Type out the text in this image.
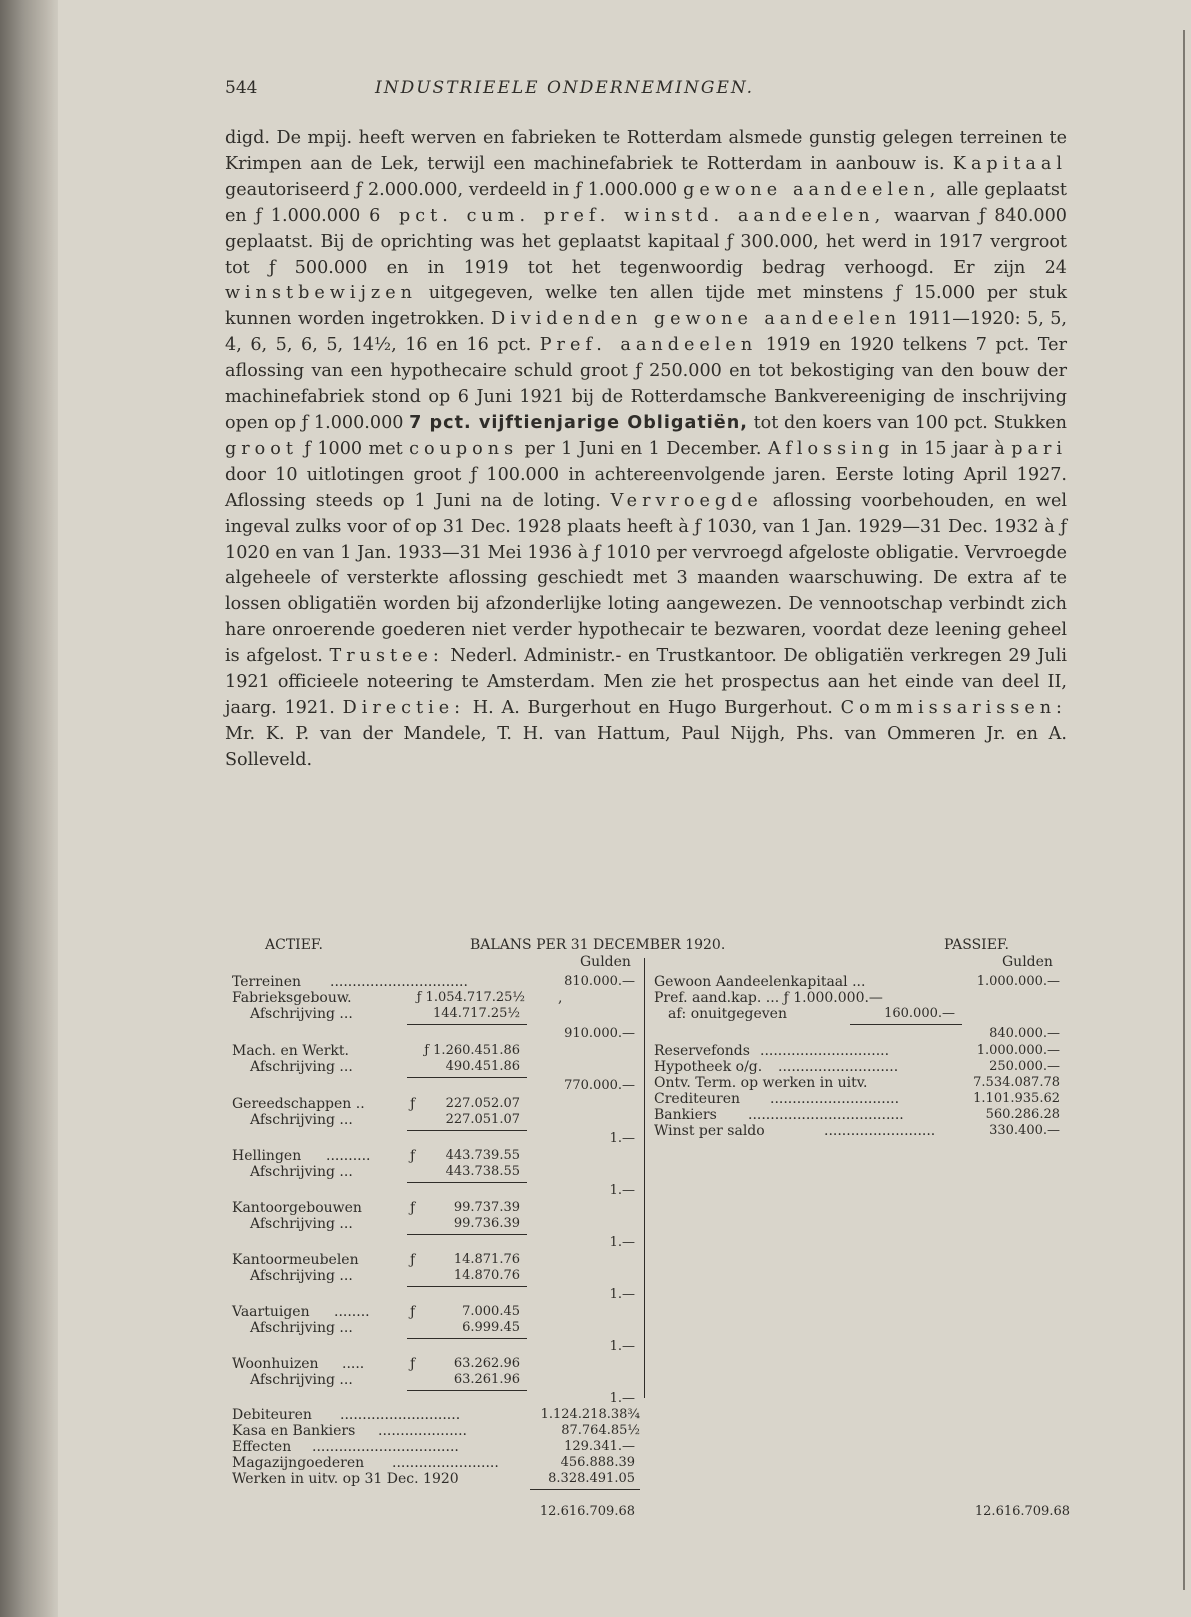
544	INDUSTRIEELE ONDERNEMINGEN.

digd. De mpij. heeft werven en fabrieken te Rotterdam alsmede gunstig gelegen terreinen te Krimpen aan de Lek, terwijl een machinefabriek te Rotterdam in aanbouw is. Kapitaal geautoriseerd ƒ 2.000.000, verdeeld in ƒ 1.000.000 gewone aandeelen, alle geplaatst en ƒ 1.000.000 6 pct. cum. pref. winstd. aandeelen, waarvan ƒ 840.000 geplaatst. Bij de oprichting was het geplaatst kapitaal ƒ 300.000, het werd in 1917 vergroot tot ƒ 500.000 en in 1919 tot het tegenwoordig bedrag verhoogd. Er zijn 24 winstbewijzen uitgegeven, welke ten allen tijde met minstens ƒ 15.000 per stuk kunnen worden ingetrokken. Dividenden gewone aandeelen 1911—1920: 5, 5, 4, 6, 5, 6, 5, 14½, 16 en 16 pct. Pref. aandeelen 1919 en 1920 telkens 7 pct. Ter aflossing van een hypothecaire schuld groot ƒ 250.000 en tot bekostiging van den bouw der machinefabriek stond op 6 Juni 1921 bij de Rotterdamsche Bankvereeniging de inschrijving open op ƒ 1.000.000 7 pct. vijftienjarige Obligatiën, tot den koers van 100 pct. Stukken groot ƒ 1000 met coupons per 1 Juni en 1 December. Aflossing in 15 jaar à pari door 10 uitlotingen groot ƒ 100.000 in achtereenvolgende jaren. Eerste loting April 1927. Aflossing steeds op 1 Juni na de loting. Vervroegde aflossing voorbehouden, en wel ingeval zulks voor of op 31 Dec. 1928 plaats heeft à ƒ 1030, van 1 Jan. 1929—31 Dec. 1932 à ƒ 1020 en van 1 Jan. 1933—31 Mei 1936 à ƒ 1010 per vervroegd afgeloste obligatie. Vervroegde algeheele of versterkte aflossing geschiedt met 3 maanden waarschuwing. De extra af te lossen obligatiën worden bij afzonderlijke loting aangewezen. De vennootschap verbindt zich hare onroerende goederen niet verder hypothecair te bezwaren, voordat deze leening geheel is afgelost. Trustee: Nederl. Administr.- en Trustkantoor. De obligatiën verkregen 29 Juli 1921 officieele noteering te Amsterdam. Men zie het prospectus aan het einde van deel II, jaarg. 1921. Directie: H. A. Burgerhout en Hugo Burgerhout. Commissarissen: Mr. K. P. van der Mandele, T. H. van Hattum, Paul Nijgh, Phs. van Ommeren Jr. en A. Solleveld.

ACTIEF.	BALANS PER 31 DECEMBER 1920.	PASSIEF.
Gulden	Gulden
Terreinen ...............................	810.000.—
Fabrieksgebouw.	ƒ 1.054.717.25½ ,
Afschrijving ...	144.717.25½
910.000.—
Mach. en Werkt.	ƒ 1.260.451.86
Afschrijving ...	490.451.86
770.000.—
Gereedschappen ..	ƒ	227.052.07
Afschrijving ...	227.051.07
1.—
Hellingen ..........	ƒ	443.739.55
Afschrijving ...	443.738.55
1.—
Kantoorgebouwen	ƒ	99.737.39
Afschrijving ...	99.736.39
1.—
Kantoormeubelen	ƒ	14.871.76
Afschrijving ...	14.870.76
1.—
Vaartuigen ........	ƒ	7.000.45
Afschrijving ...	6.999.45
1.—
Woonhuizen .....	ƒ	63.262.96
Afschrijving ...	63.261.96
1.—
Debiteuren ...........................	1.124.218.38¾
Kasa en Bankiers ....................	87.764.85½
Effecten .................................	129.341.—
Magazijngoederen ........................	456.888.39
Werken in uitv. op 31 Dec. 1920	8.328.491.05
12.616.709.68
Gewoon Aandeelenkapitaal ...	1.000.000.—
Pref. aand.kap. ... ƒ 1.000.000.—
af: onuitgegeven	160.000.—
840.000.—
Reservefonds .............................	1.000.000.—
Hypotheek o/g. ...........................	250.000.—
Ontv. Term. op werken in uitv.	7.534.087.78
Crediteuren .............................	1.101.935.62
Bankiers ...................................	560.286.28
Winst per saldo	.........................	330.400.—
12.616.709.68
